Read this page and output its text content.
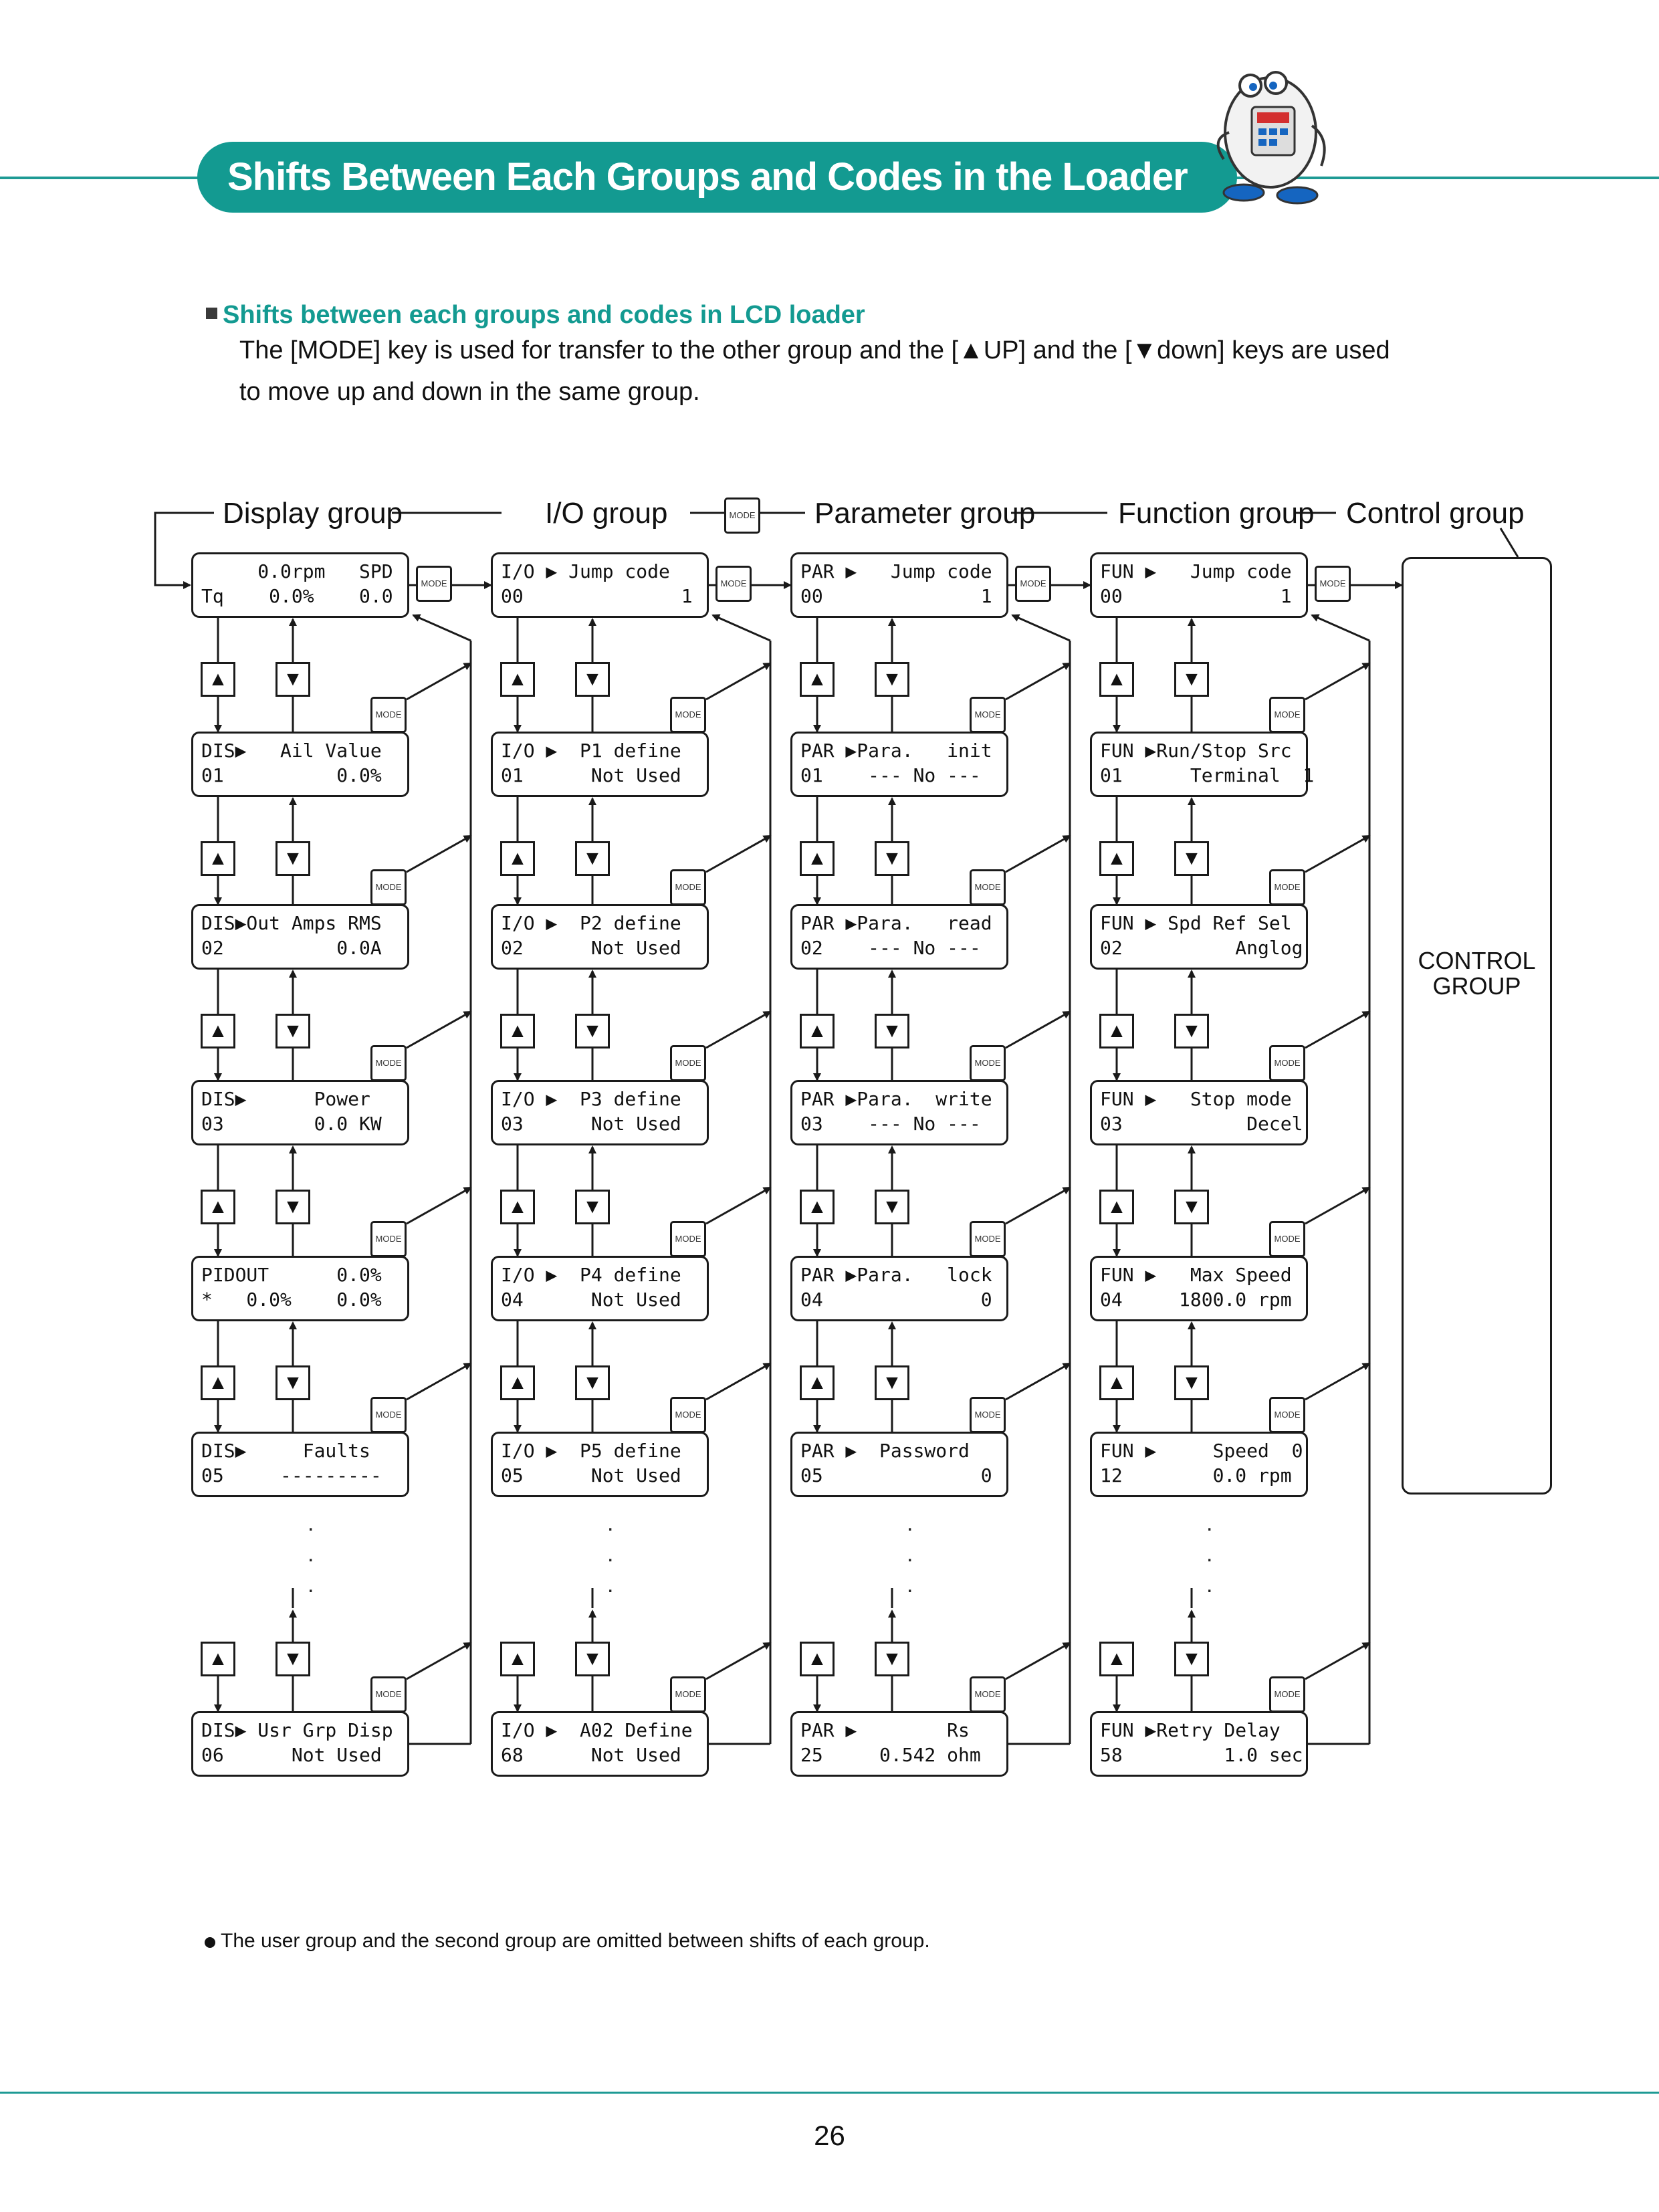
Shifts Between Each Groups and Codes in the Loader
Shifts between each groups and codes in LCD loader
The [MODE] key is used for transfer to the other group and the [▲UP] and the [▼down] keys are used
to move up and down in the same group.
Display group	I/O group	Parameter group	Function group Control group
MODE
0.0rpm   SPD
Tq    0.0%    0.0
MODE
DIS▶   Ail Value
01          0.0%
MODE
▲	▼
DIS▶Out Amps RMS
02          0.0A
MODE
▲	▼
DIS▶      Power
03        0.0 KW
MODE
▲	▼
PIDOUT      0.0%
*   0.0%    0.0%
MODE
▲	▼
DIS▶     Faults
05     ---------
MODE
▲	▼
DIS▶ Usr Grp Disp
06      Not Used
MODE
▲	▼
.
.
.
I/O ▶ Jump code
00              1
MODE
I/O ▶  P1 define
01      Not Used
MODE
▲	▼
I/O ▶  P2 define
02      Not Used
MODE
▲	▼
I/O ▶  P3 define
03      Not Used
MODE
▲	▼
I/O ▶  P4 define
04      Not Used
MODE
▲	▼
I/O ▶  P5 define
05      Not Used
MODE
▲	▼
I/O ▶  A02 Define
68      Not Used
MODE
▲	▼
.
.
.
PAR ▶   Jump code
00              1
MODE
PAR ▶Para.   init
01    --- No ---
MODE
▲	▼
PAR ▶Para.   read
02    --- No ---
MODE
▲	▼
PAR ▶Para.  write
03    --- No ---
MODE
▲	▼
PAR ▶Para.   lock
04              0
MODE
▲	▼
PAR ▶  Password
05              0
MODE
▲	▼
PAR ▶        Rs
25     0.542 ohm
MODE
▲	▼
.
.
.
FUN ▶   Jump code
00              1
MODE
FUN ▶Run/Stop Src
01      Terminal  1
MODE
▲	▼
FUN ▶ Spd Ref Sel
02          Anglog
MODE
▲	▼
FUN ▶   Stop mode
03           Decel
MODE
▲	▼
FUN ▶   Max Speed
04     1800.0 rpm
MODE
▲	▼
FUN ▶     Speed  0
12        0.0 rpm
MODE
▲	▼
FUN ▶Retry Delay
58         1.0 sec
MODE
▲	▼
.
.
.
CONTROL
GROUP
The user group and the second group are omitted between shifts of each group.
26
